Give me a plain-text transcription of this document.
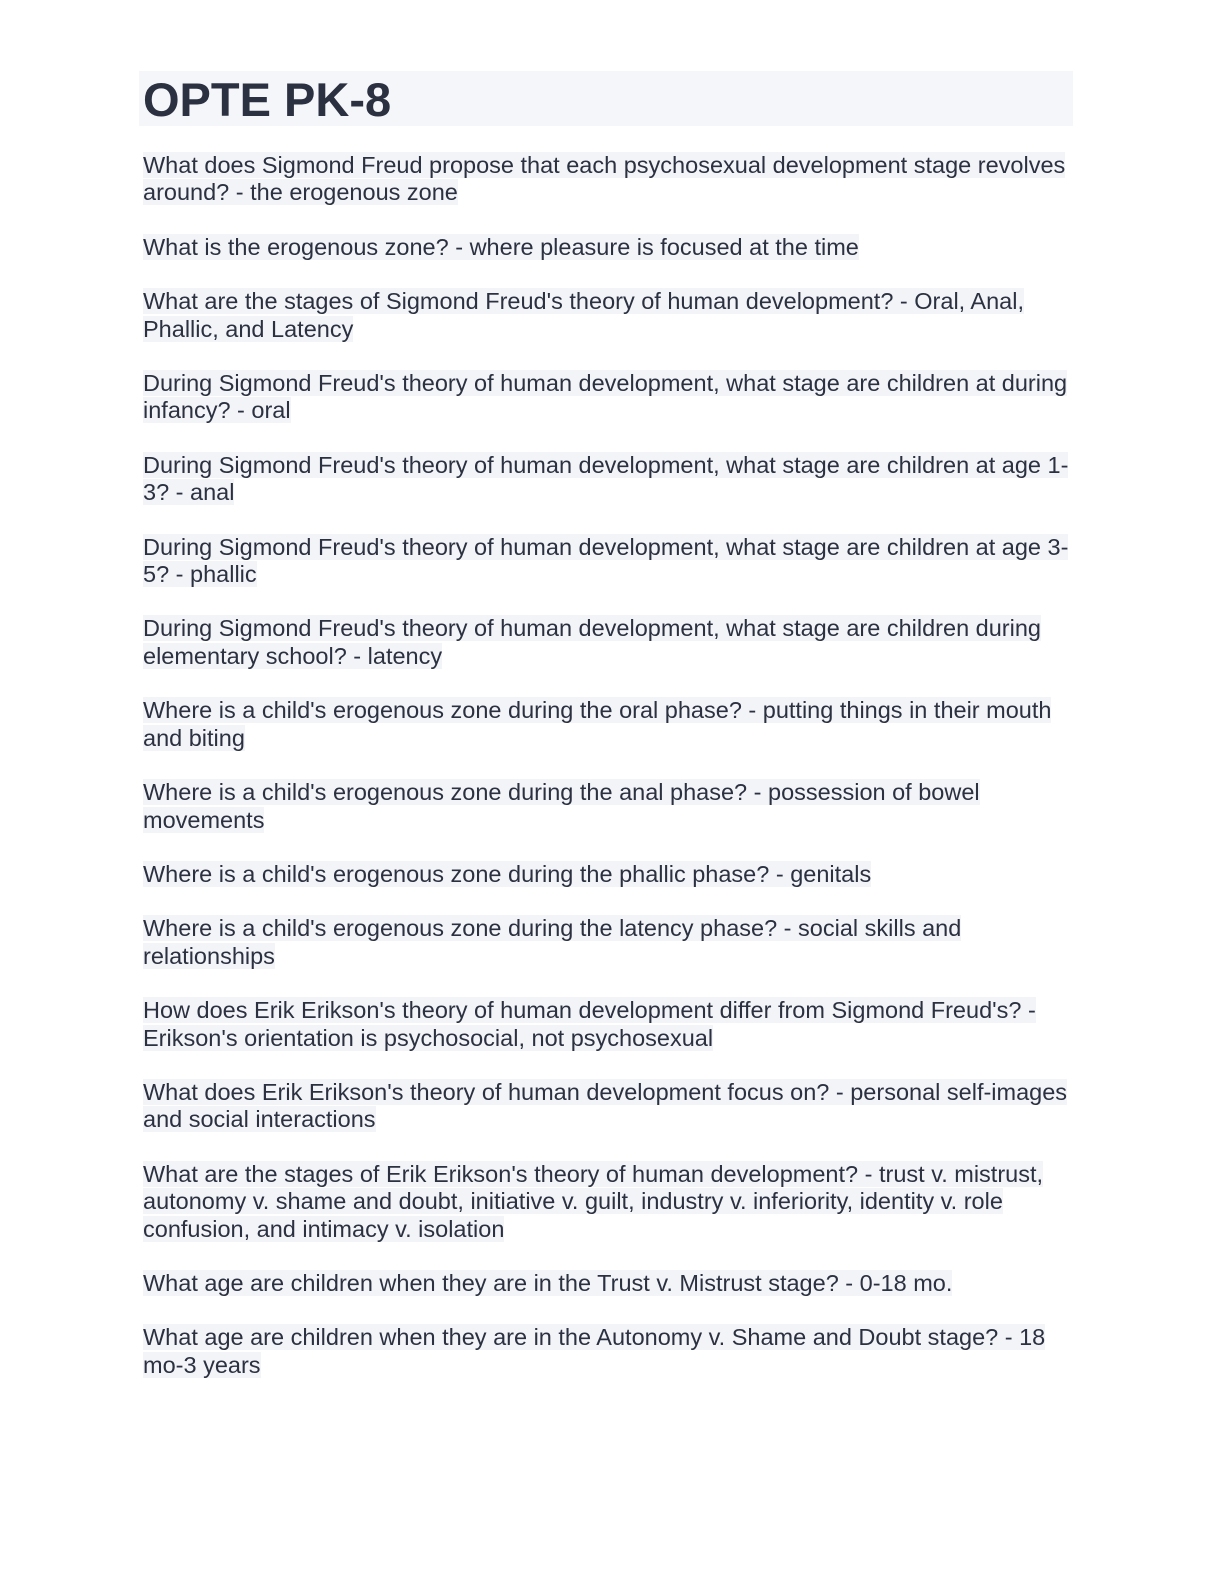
OPTE PK-8

What does Sigmond Freud propose that each psychosexual development stage revolves around? - the erogenous zone

What is the erogenous zone? - where pleasure is focused at the time

What are the stages of Sigmond Freud's theory of human development? - Oral, Anal, Phallic, and Latency

During Sigmond Freud's theory of human development, what stage are children at during infancy? - oral

During Sigmond Freud's theory of human development, what stage are children at age 1-3? - anal

During Sigmond Freud's theory of human development, what stage are children at age 3-5? - phallic

During Sigmond Freud's theory of human development, what stage are children during elementary school? - latency

Where is a child's erogenous zone during the oral phase? - putting things in their mouth and biting

Where is a child's erogenous zone during the anal phase? - possession of bowel movements

Where is a child's erogenous zone during the phallic phase? - genitals

Where is a child's erogenous zone during the latency phase? - social skills and relationships

How does Erik Erikson's theory of human development differ from Sigmond Freud's? - Erikson's orientation is psychosocial, not psychosexual

What does Erik Erikson's theory of human development focus on? - personal self-images and social interactions

What are the stages of Erik Erikson's theory of human development? - trust v. mistrust, autonomy v. shame and doubt, initiative v. guilt, industry v. inferiority, identity v. role confusion, and intimacy v. isolation

What age are children when they are in the Trust v. Mistrust stage? - 0-18 mo.

What age are children when they are in the Autonomy v. Shame and Doubt stage? - 18 mo-3 years
